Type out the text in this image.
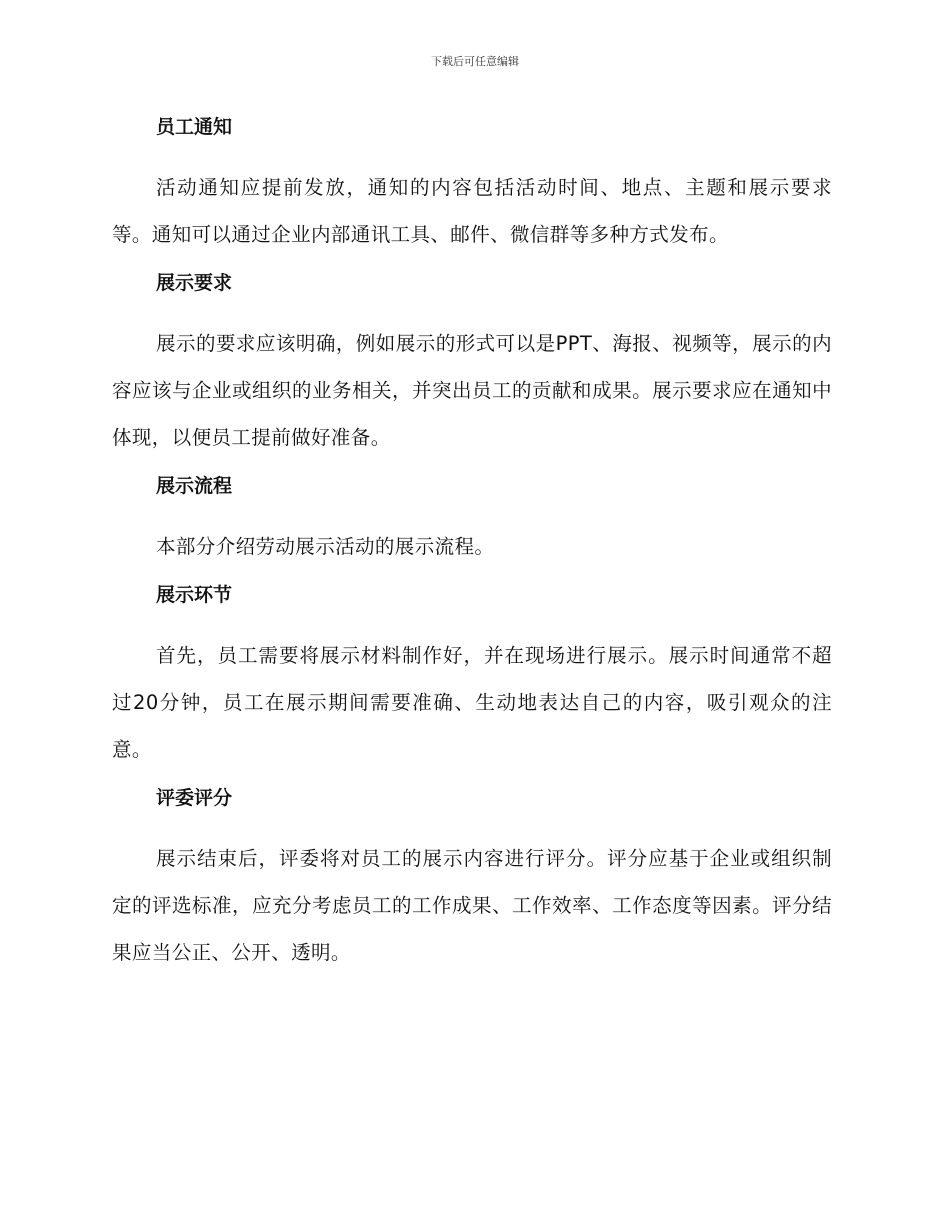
下载后可任意编辑
员工通知
活动通知应提前发放，通知的内容包括活动时间、地点、主题和展示要求等。通知可以通过企业内部通讯工具、邮件、微信群等多种方式发布。
展示要求
展示的要求应该明确，例如展示的形式可以是PPT、海报、视频等，展示的内容应该与企业或组织的业务相关，并突出员工的贡献和成果。展示要求应在通知中体现，以便员工提前做好准备。
展示流程
本部分介绍劳动展示活动的展示流程。
展示环节
首先，员工需要将展示材料制作好，并在现场进行展示。展示时间通常不超过20分钟，员工在展示期间需要准确、生动地表达自己的内容，吸引观众的注意。
评委评分
展示结束后，评委将对员工的展示内容进行评分。评分应基于企业或组织制定的评选标准，应充分考虑员工的工作成果、工作效率、工作态度等因素。评分结果应当公正、公开、透明。
